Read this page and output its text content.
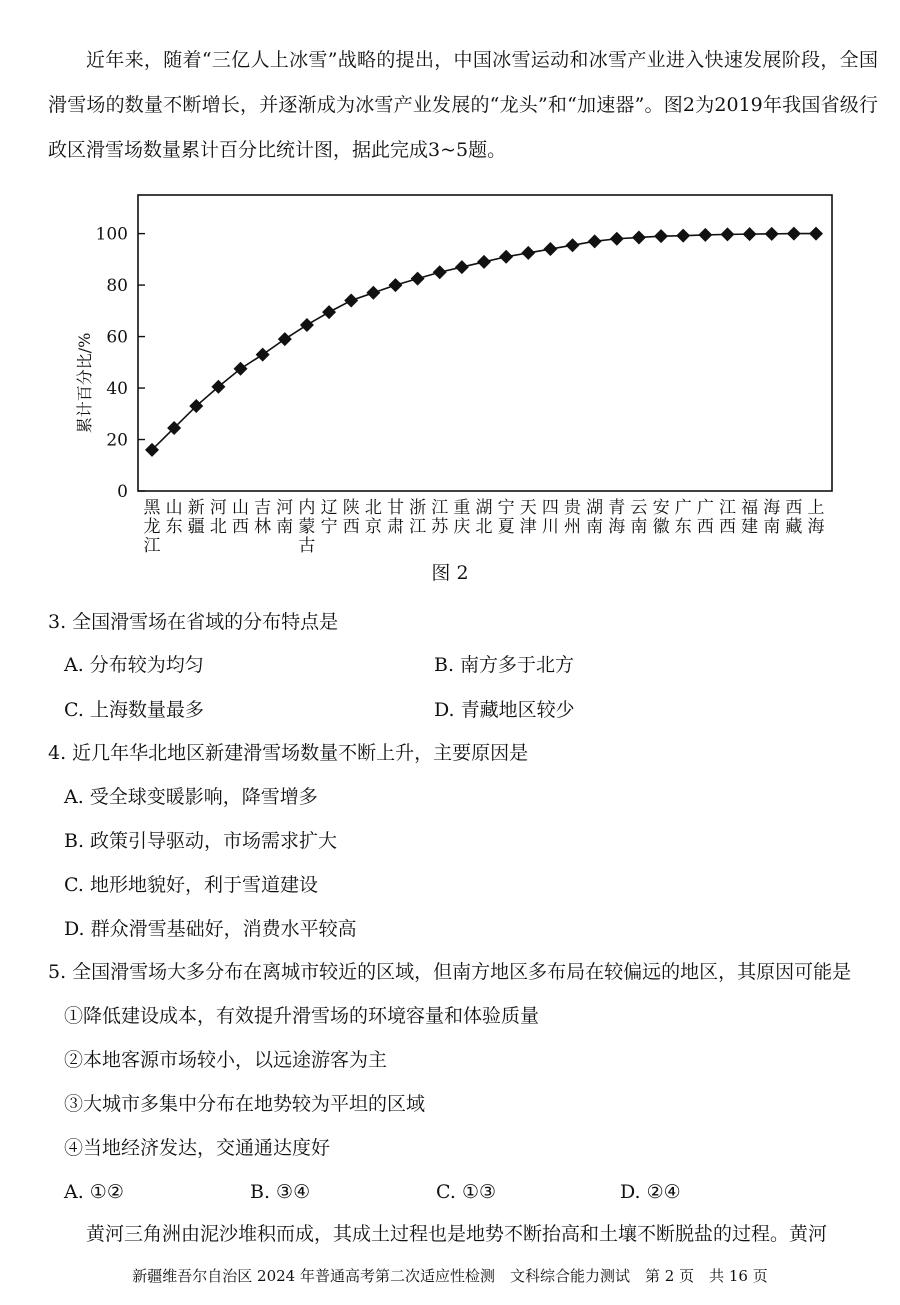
近年来，随着“三亿人上冰雪”战略的提出，中国冰雪运动和冰雪产业进入快速发展阶段，全国滑雪场的数量不断增长，并逐渐成为冰雪产业发展的“龙头”和“加速器”。图2为2019年我国省级行政区滑雪场数量累计百分比统计图，据此完成3~5题。
0
20
40
60
80
100
累计百分比/%
黑龙江
山东
新疆
河北
山西
吉林
河南
内蒙古
辽宁
陕西
北京
甘肃
浙江
江苏
重庆
湖北
宁夏
天津
四川
贵州
湖南
青海
云南
安徽
广东
广西
江西
福建
海南
西藏
上海
图 2
3. 全国滑雪场在省域的分布特点是
A. 分布较为均匀	B. 南方多于北方
C. 上海数量最多	D. 青藏地区较少
4. 近几年华北地区新建滑雪场数量不断上升，主要原因是
A. 受全球变暖影响，降雪增多
B. 政策引导驱动，市场需求扩大
C. 地形地貌好，利于雪道建设
D. 群众滑雪基础好，消费水平较高
5. 全国滑雪场大多分布在离城市较近的区域，但南方地区多布局在较偏远的地区，其原因可能是
①降低建设成本，有效提升滑雪场的环境容量和体验质量
②本地客源市场较小，以远途游客为主
③大城市多集中分布在地势较为平坦的区域
④当地经济发达，交通通达度好
A. ①②	B. ③④	C. ①③	D. ②④
黄河三角洲由泥沙堆积而成，其成土过程也是地势不断抬高和土壤不断脱盐的过程。黄河
新疆维吾尔自治区 2024 年普通高考第二次适应性检测　文科综合能力测试　第 2 页　共 16 页
